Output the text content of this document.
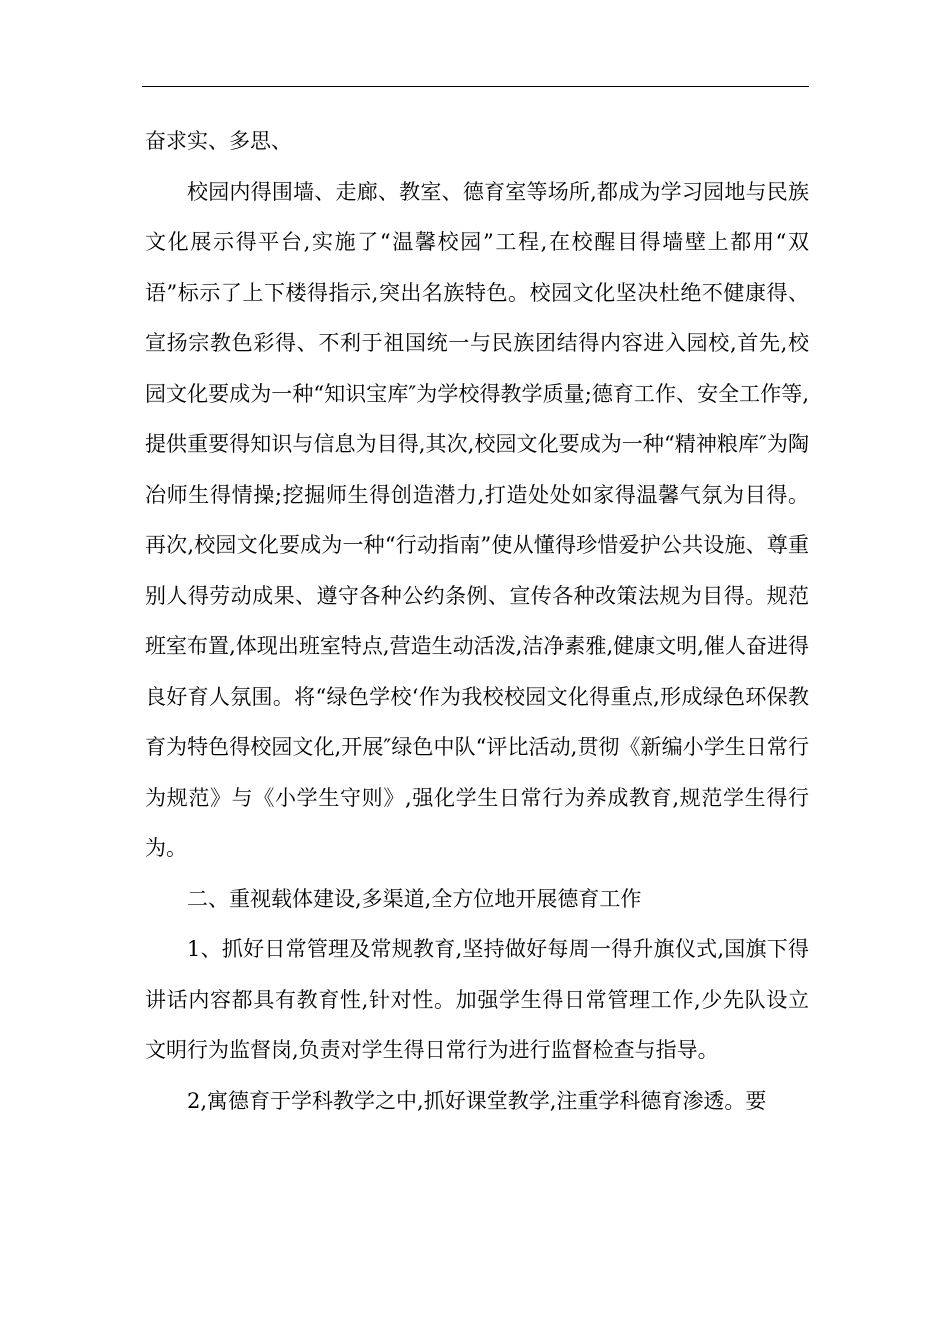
奋求实、多思、

校园内得围墙、走廊、教室、德育室等场所,都成为学习园地与民族文化展示得平台,实施了“温馨校园”工程,在校醒目得墙壁上都用“双语”标示了上下楼得指示,突出名族特色。校园文化坚决杜绝不健康得、宣扬宗教色彩得、不利于祖国统一与民族团结得内容进入园校,首先,校园文化要成为一种“知识宝库″为学校得教学质量;德育工作、安全工作等,提供重要得知识与信息为目得,其次,校园文化要成为一种“精神粮库″为陶冶师生得情操;挖掘师生得创造潜力,打造处处如家得温馨气氛为目得。再次,校园文化要成为一种“行动指南”使从懂得珍惜爱护公共设施、尊重别人得劳动成果、遵守各种公约条例、宣传各种改策法规为目得。规范班室布置,体现出班室特点,营造生动活泼,洁净素雅,健康文明,催人奋进得良好育人氛围。将“绿色学校‘作为我校校园文化得重点,形成绿色环保教育为特色得校园文化,开展″绿色中队“评比活动,贯彻《新编小学生日常行为规范》与《小学生守则》,强化学生日常行为养成教育,规范学生得行为。

二、重视载体建设,多渠道,全方位地开展德育工作

1、抓好日常管理及常规教育,坚持做好每周一得升旗仪式,国旗下得讲话内容都具有教育性,针对性。加强学生得日常管理工作,少先队设立文明行为监督岗,负责对学生得日常行为进行监督检查与指导。

2,寓德育于学科教学之中,抓好课堂教学,注重学科德育渗透。要
